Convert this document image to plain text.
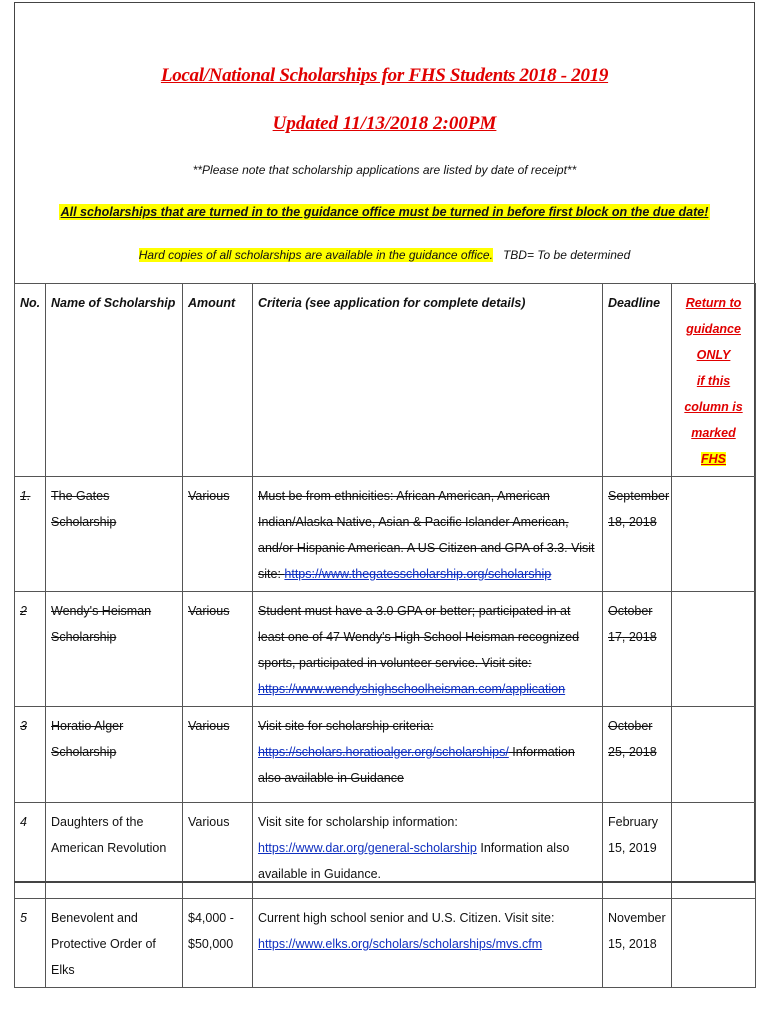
Local/National Scholarships for FHS Students 2018 - 2019
Updated 11/13/2018 2:00PM
**Please note that scholarship applications are listed by date of receipt**
All scholarships that are turned in to the guidance office must be turned in before first block on the due date!
Hard copies of all scholarships are available in the guidance office. TBD= To be determined
No.	Name of Scholarship	Amount	Criteria (see application for complete details)	Deadline	Return to
guidance ONLY
if this column is
marked
FHS

1.	The Gates Scholarship	Various	Must be from ethnicities: African American, American Indian/Alaska Native, Asian & Pacific Islander American, and/or Hispanic American. A US Citizen and GPA of 3.3. Visit site: https://www.thegatesscholarship.org/scholarship	September 18, 2018	
2	Wendy's Heisman Scholarship	Various	Student must have a 3.0 GPA or better; participated in at least one of 47 Wendy's High School Heisman recognized sports, participated in volunteer service. Visit site: https://www.wendyshighschoolheisman.com/application	October 17, 2018	
3	Horatio Alger Scholarship	Various	Visit site for scholarship criteria: https://scholars.horatioalger.org/scholarships/ Information also available in Guidance	October 25, 2018	
4	Daughters of the American Revolution	Various	Visit site for scholarship information: https://www.dar.org/general-scholarship Information also available in Guidance.	February 15, 2019	
5	Benevolent and Protective Order of Elks	$4,000 - $50,000	Current high school senior and U.S. Citizen. Visit site: https://www.elks.org/scholars/scholarships/mvs.cfm	November 15, 2018	
